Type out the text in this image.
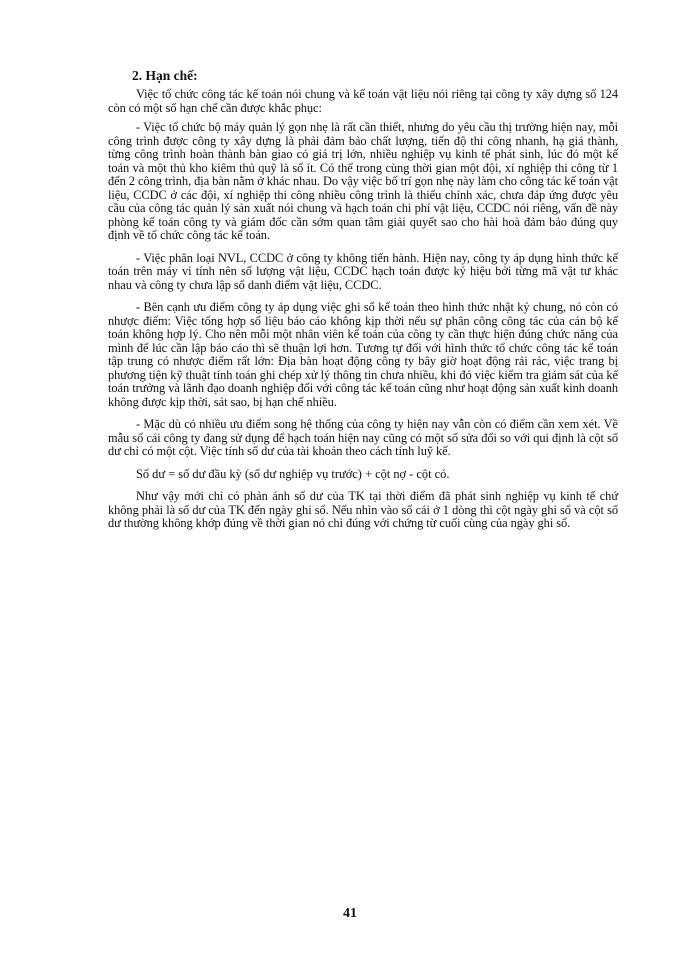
2. Hạn chế:

Việc tổ chức công tác kế toán nói chung và kế toán vật liệu nói riêng tại công ty xây dựng số 124 còn có một số hạn chế cần được khắc phục:

- Việc tổ chức bộ máy quản lý gọn nhẹ là rất cần thiết, nhưng do yêu cầu thị trường hiện nay, mỗi công trình được công ty xây dựng là phải đảm bảo chất lượng, tiến độ thi công nhanh, hạ giá thành, từng công trình hoàn thành bàn giao có giá trị lớn, nhiều nghiệp vụ kinh tế phát sinh, lúc đó một kế toán và một thủ kho kiêm thủ quỹ là số ít. Có thể trong cùng thời gian một đội, xí nghiệp thi công từ 1 đến 2 công trình, địa bàn nằm ở khác nhau. Do vậy việc bố trí gọn nhẹ này làm cho công tác kế toán vật liệu, CCDC ở các đội, xí nghiệp thi công nhiều công trình là thiếu chính xác, chưa đáp ứng được yêu cầu của công tác quản lý sản xuất nói chung và hạch toán chi phí vật liệu, CCDC nói riêng, vấn đề này phòng kế toán công ty và giám đốc cần sớm quan tâm giải quyết sao cho hài hoà đảm bảo đúng quy định về tổ chức công tác kế toán.

- Việc phân loại NVL, CCDC ở công ty không tiến hành. Hiện nay, công ty áp dụng hình thức kế toán trên máy vi tính nên số lượng vật liệu, CCDC hạch toán được ký hiệu bởi từng mã vật tư khác nhau và công ty chưa lập sổ danh điểm vật liệu, CCDC.

- Bên cạnh ưu điểm công ty áp dụng việc ghi sổ kế toán theo hình thức nhật ký chung, nó còn có nhược điểm: Việc tổng hợp số liệu báo cáo không kịp thời nếu sự phân công công tác của cán bộ kế toán không hợp lý. Cho nên mỗi một nhân viên kế toán của công ty cần thực hiện đúng chức năng của mình để lúc cần lập báo cáo thì sẽ thuận lợi hơn. Tương tự đối với hình thức tổ chức công tác kế toán tập trung có nhược điểm rất lớn: Địa bàn hoạt động công ty bây giờ hoạt động rải rác, việc trang bị phương tiện kỹ thuật tính toán ghi chép xử lý thông tin chưa nhiều, khi đó việc kiểm tra giám sát của kế toán trưởng và lãnh đạo doanh nghiệp đối với công tác kế toán cũng như hoạt động sản xuất kinh doanh không được kịp thời, sát sao, bị hạn chế nhiều.

- Mặc dù có nhiều ưu điểm song hệ thống của công ty hiện nay vẫn còn có điểm cần xem xét. Về mẫu sổ cái công ty đang sử dụng để hạch toán hiện nay cũng có một số sửa đổi so với qui định là cột số dư chỉ có một cột. Việc tính số dư của tài khoản theo cách tính luỹ kế.

Số dư = số dư đầu kỳ (số dư nghiệp vụ trước) + cột nợ - cột có.

Như vậy mới chỉ có phản ánh số dư của TK tại thời điểm đã phát sinh nghiệp vụ kinh tế chứ không phải là số dư của TK đến ngày ghi sổ. Nếu nhìn vào sổ cái ở 1 dòng thì cột ngày ghi sổ và cột số dư thường không khớp đúng về thời gian nó chỉ đúng với chứng từ cuối cùng của ngày ghi sổ.

41
